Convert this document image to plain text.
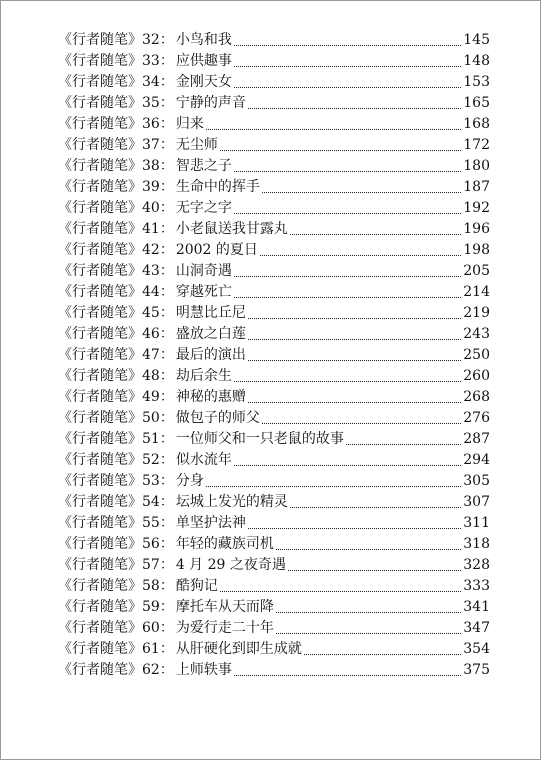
《行者随笔》 32 ： 小鸟和我	145
《行者随笔》 33 ： 应供趣事	148
《行者随笔》 34 ： 金刚天女	153
《行者随笔》 35 ： 宁静的声音	165
《行者随笔》 36 ： 归来	168
《行者随笔》 37 ： 无尘师	172
《行者随笔》 38 ： 智悲之子	180
《行者随笔》 39 ： 生命中的挥手	187
《行者随笔》 40 ： 无字之字	192
《行者随笔》 41 ： 小老鼠送我甘露丸	196
《行者随笔》 42 ： 2002 的夏日	198
《行者随笔》 43 ： 山洞奇遇	205
《行者随笔》 44 ： 穿越死亡	214
《行者随笔》 45 ： 明慧比丘尼	219
《行者随笔》 46 ： 盛放之白莲	243
《行者随笔》 47 ： 最后的演出	250
《行者随笔》 48 ： 劫后余生	260
《行者随笔》 49 ： 神秘的惠赠	268
《行者随笔》 50 ： 做包子的师父	276
《行者随笔》 51 ： 一位师父和一只老鼠的故事	287
《行者随笔》 52 ： 似水流年	294
《行者随笔》 53 ： 分身	305
《行者随笔》 54 ： 坛城上发光的精灵	307
《行者随笔》 55 ： 单坚护法神	311
《行者随笔》 56 ： 年轻的藏族司机	318
《行者随笔》 57 ： 4 月 29 之夜奇遇	328
《行者随笔》 58 ： 酷狗记	333
《行者随笔》 59 ： 摩托车从天而降	341
《行者随笔》 60 ： 为爱行走二十年	347
《行者随笔》 61 ： 从肝硬化到即生成就	354
《行者随笔》 62 ： 上师轶事	375
